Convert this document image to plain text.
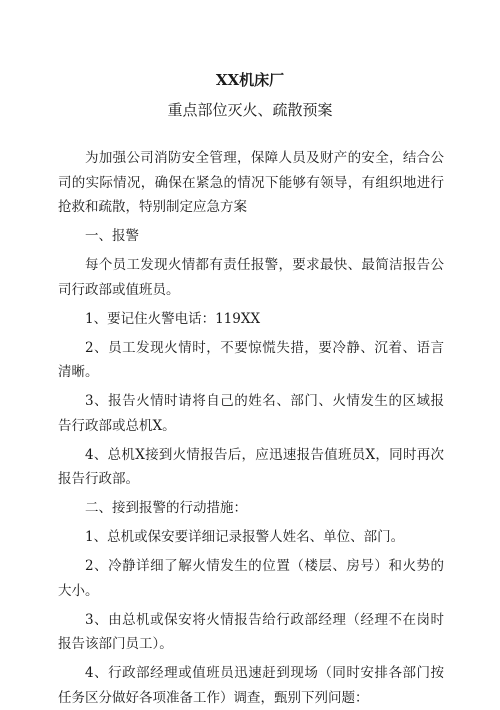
XX机床厂
重点部位灭火、疏散预案

为加强公司消防安全管理，保障人员及财产的安全，结合公司的实际情况，确保在紧急的情况下能够有领导，有组织地进行抢救和疏散，特别制定应急方案

一、报警

每个员工发现火情都有责任报警，要求最快、最简洁报告公司行政部或值班员。

1、要记住火警电话：119XX

2、员工发现火情时，不要惊慌失措，要冷静、沉着、语言清晰。

3、报告火情时请将自己的姓名、部门、火情发生的区域报告行政部或总机X。

4、总机X接到火情报告后，应迅速报告值班员X，同时再次报告行政部。

二、接到报警的行动措施：

1、总机或保安要详细记录报警人姓名、单位、部门。

2、冷静详细了解火情发生的位置（楼层、房号）和火势的大小。

3、由总机或保安将火情报告给行政部经理（经理不在岗时报告该部门员工）。

4、行政部经理或值班员迅速赶到现场（同时安排各部门按任务区分做好各项准备工作）调查，甄别下列问题：
